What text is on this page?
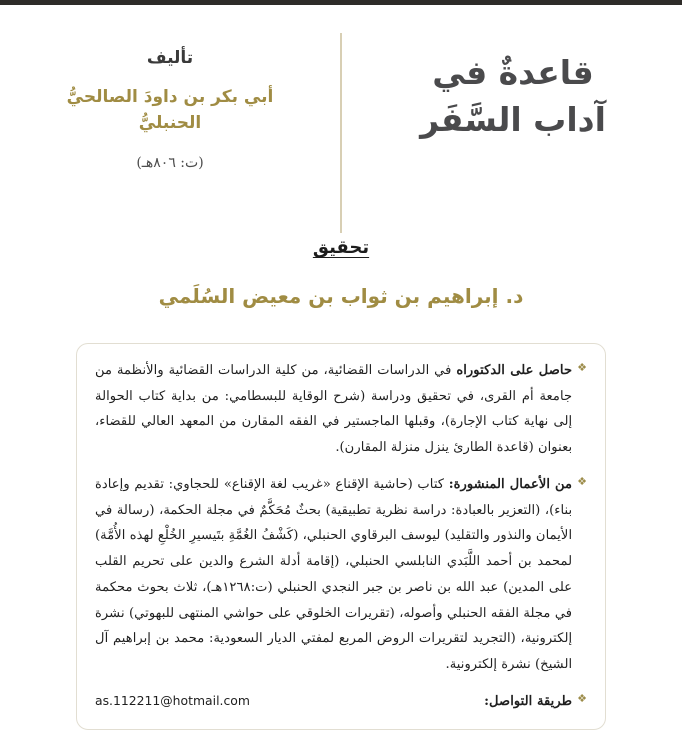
قاعدةٌ في
آداب السَّفَر
تأليف
أبي بكر بن داودَ الصالحيُّ الحنبليُّ
(ت: ٨٠٦هـ)
تحقيق
د. إبراهيم بن ثواب بن معيض السُلَمي
❖
حاصل على الدكتوراه في الدراسات القضائية، من كلية الدراسات القضائية والأنظمة من جامعة أم القرى، في تحقيق ودراسة (شرح الوقاية للبسطامي: من بداية كتاب الحوالة إلى نهاية كتاب الإجارة)، وقبلها الماجستير في الفقه المقارن من المعهد العالي للقضاء، بعنوان (قاعدة الطارئ ينزل منزلة المقارن).
❖
من الأعمال المنشورة: كتاب (حاشية الإقناع «غريب لغة الإقناع» للحجاوي: تقديم وإعادة بناء)، (التعزير بالعبادة: دراسة نظرية تطبيقية) بحثٌ مُحَكَّمٌ في مجلة الحكمة، (رسالة في الأيمان والنذور والتقليد) ليوسف البرقاوي الحنبلي، (كَشْفُ الغُمَّةِ بتَيسيرِ الخُلْعِ لهذه الأُمَّة) لمحمد بن أحمد اللَّبَدي النابلسي الحنبلي، (إقامة أدلة الشرع والدين على تحريم القلب على المدين) عبد الله بن ناصر بن جبر النجدي الحنبلي (ت:١٢٦٨هـ)، ثلاث بحوث محكمة في مجلة الفقه الحنبلي وأصوله، (تقريرات الخلوقي على حواشي المنتهى للبهوتي) نشرة إلكترونية، (التجريد لتقريرات الروض المربع لمفتي الديار السعودية: محمد بن إبراهيم آل الشيخ) نشرة إلكترونية.
❖
طريقة التواصل:
as.112211@hotmail.com
